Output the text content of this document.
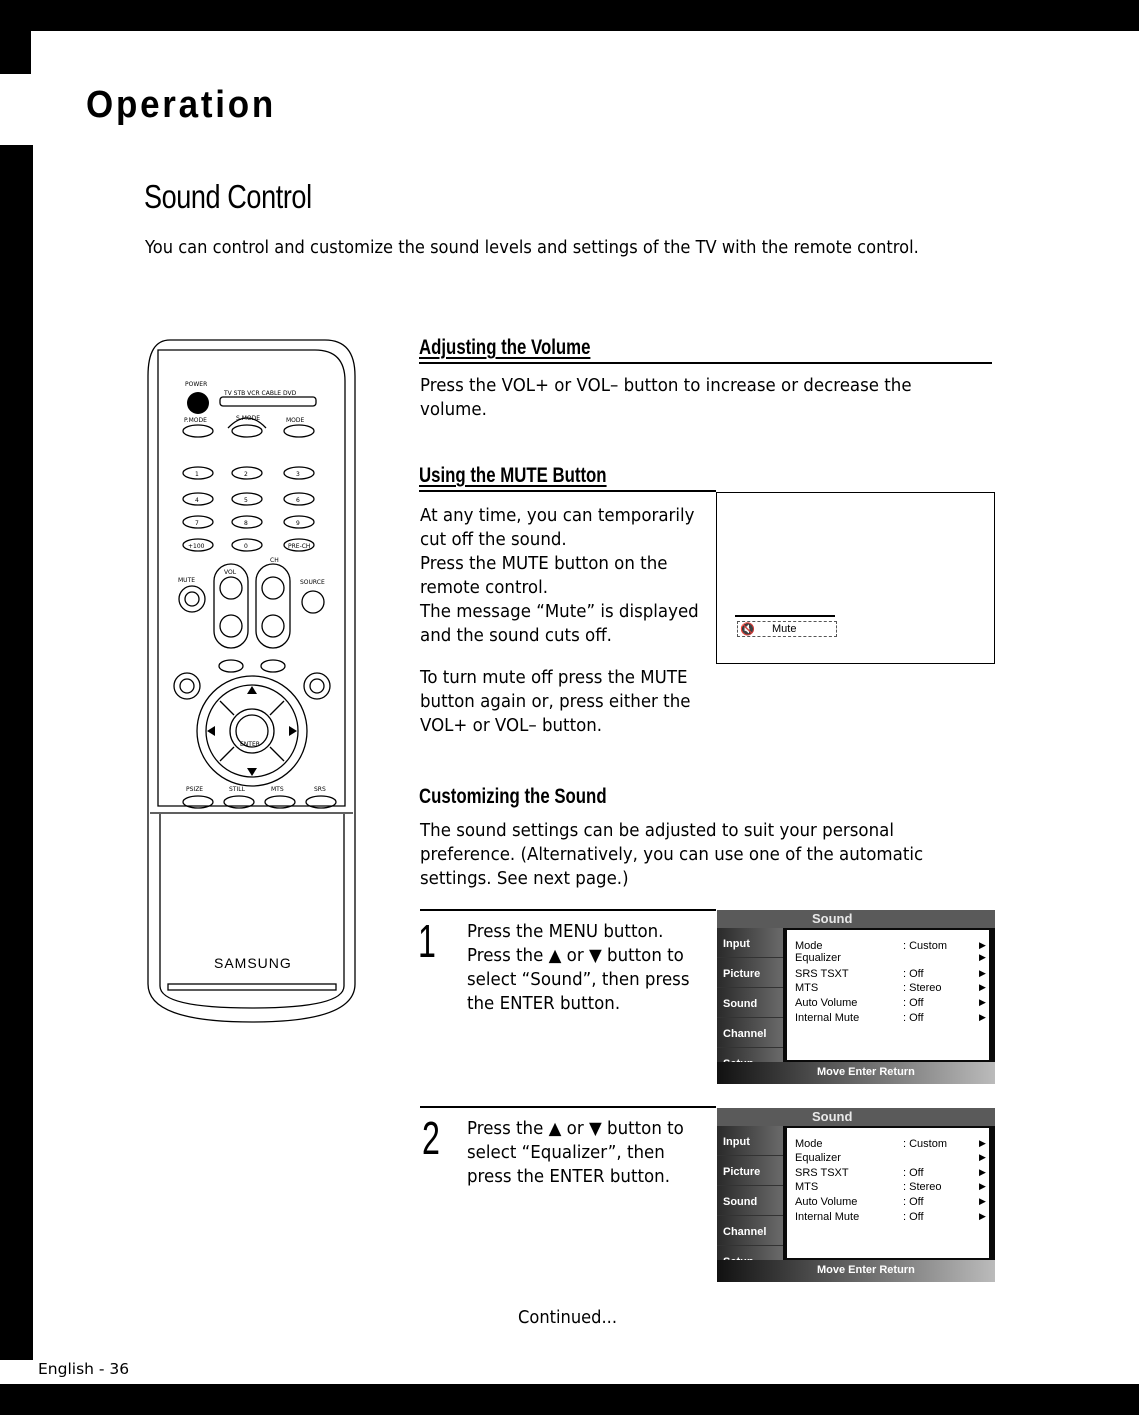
Operation
Sound Control
You can control and customize the sound levels and settings of the TV with the remote control.
POWER
TV STB VCR CABLE DVD
P.MODE	S.MODE	MODE
1	2	3
4	5	6
7	8	9
+100	0	PRE-CH
VOL
CH
MUTE	SOURCE
ENTER
PSIZE	STILL	MTS	SRS
SAMSUNG
Adjusting the Volume
Press the VOL+ or VOL– button to increase or decrease the volume.
Using the MUTE Button
At any time, you can temporarily
cut off the sound.
Press the MUTE button on the
remote control.
The message “Mute” is displayed
and the sound cuts off.
To turn mute off press the MUTE
button again or, press either the
VOL+ or VOL– button.
🔇 Mute
Customizing the Sound
The sound settings can be adjusted to suit your personal
preference. (Alternatively, you can use one of the automatic
settings. See next page.)
1 Press the MENU button.
Press the ▲ or ▼ button to
select “Sound”, then press
the ENTER button.
Sound
Input
Picture
Sound
Channel
Mode	: Custom	▶
Equalizer	▶
SRS TSXT	: Off	▶
MTS	: Stereo	▶
Auto Volume	: Off	▶
Internal Mute	: Off	▶
Move Enter Return
2 Press the ▲ or ▼ button to
select “Equalizer”, then
press the ENTER button.
Sound
Input
Picture
Sound
Channel
Mode	: Custom	▶
Equalizer	▶
SRS TSXT	: Off	▶
MTS	: Stereo	▶
Auto Volume	: Off	▶
Internal Mute	: Off	▶
Move Enter Return
Continued...
English - 36
